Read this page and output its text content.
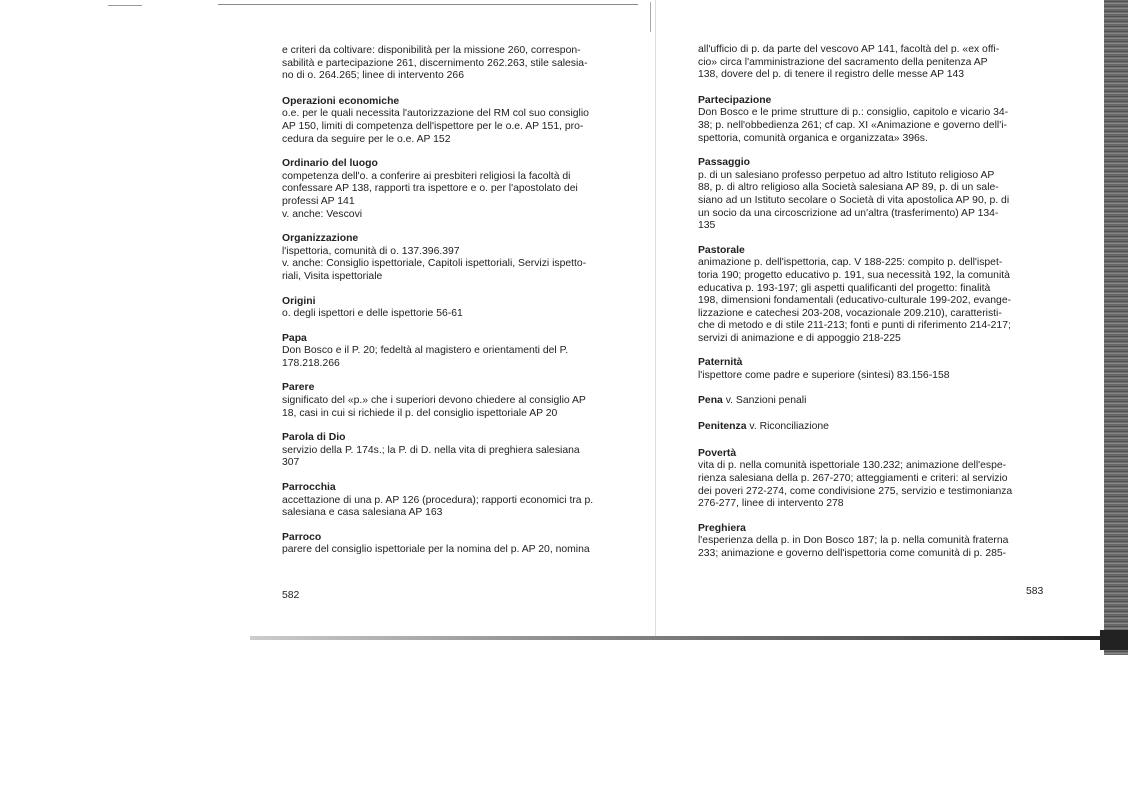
e criteri da coltivare: disponibilità per la missione 260, correspon-
sabilità e partecipazione 261, discernimento 262.263, stile salesia-
no di o. 264.265; linee di intervento 266
Operazioni economiche
o.e. per le quali necessita l'autorizzazione del RM col suo consiglio
AP 150, limiti di competenza dell'ispettore per le o.e. AP 151, pro-
cedura da seguire per le o.e. AP 152
Ordinario del luogo
competenza dell'o. a conferire ai presbiteri religiosi la facoltà di
confessare AP 138, rapporti tra ispettore e o. per l'apostolato dei
professi AP 141
v. anche: Vescovi
Organizzazione
l'ispettoria, comunità di o. 137.396.397
v. anche: Consiglio ispettoriale, Capitoli ispettoriali, Servizi ispetto-
riali, Visita ispettoriale
Origini
o. degli ispettori e delle ispettorie 56-61
Papa
Don Bosco e il P. 20; fedeltà al magistero e orientamenti del P.
178.218.266
Parere
significato del «p.» che i superiori devono chiedere al consiglio AP
18, casi in cui si richiede il p. del consiglio ispettoriale AP 20
Parola di Dio
servizio della P. 174s.; la P. di D. nella vita di preghiera salesiana
307
Parrocchia
accettazione di una p. AP 126 (procedura); rapporti economici tra p.
salesiana e casa salesiana AP 163
Parroco
parere del consiglio ispettoriale per la nomina del p. AP 20, nomina
582
all'ufficio di p. da parte del vescovo AP 141, facoltà del p. «ex offi-
cio» circa l'amministrazione del sacramento della penitenza AP
138, dovere del p. di tenere il registro delle messe AP 143
Partecipazione
Don Bosco e le prime strutture di p.: consiglio, capitolo e vicario 34-
38; p. nell'obbedienza 261; cf cap. XI «Animazione e governo dell'i-
spettoria, comunità organica e organizzata» 396s.
Passaggio
p. di un salesiano professo perpetuo ad altro Istituto religioso AP
88, p. di altro religioso alla Società salesiana AP 89, p. di un sale-
siano ad un Istituto secolare o Società di vita apostolica AP 90, p. di
un socio da una circoscrizione ad un'altra (trasferimento) AP 134-
135
Pastorale
animazione p. dell'ispettoria, cap. V 188-225: compito p. dell'ispet-
toria 190; progetto educativo p. 191, sua necessità 192, la comunità
educativa p. 193-197; gli aspetti qualificanti del progetto: finalità
198, dimensioni fondamentali (educativo-culturale 199-202, evange-
lizzazione e catechesi 203-208, vocazionale 209.210), caratteristi-
che di metodo e di stile 211-213; fonti e punti di riferimento 214-217;
servizi di animazione e di appoggio 218-225
Paternità
l'ispettore come padre e superiore (sintesi) 83.156-158
Pena v. Sanzioni penali
Penitenza v. Riconciliazione
Povertà
vita di p. nella comunità ispettoriale 130.232; animazione dell'espe-
rienza salesiana della p. 267-270; atteggiamenti e criteri: al servizio
dei poveri 272-274, come condivisione 275, servizio e testimonianza
276-277, linee di intervento 278
Preghiera
l'esperienza della p. in Don Bosco 187; la p. nella comunità fraterna
233; animazione e governo dell'ispettoria come comunità di p. 285-
583
